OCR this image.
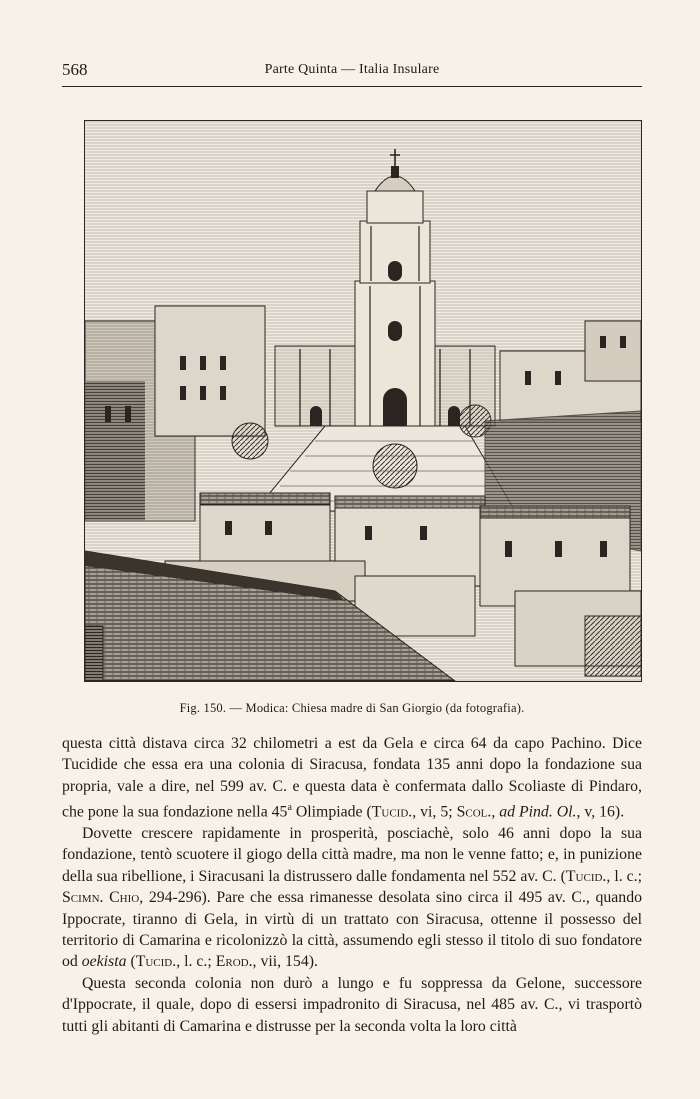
568	Parte Quinta — Italia Insulare
Fig. 150. — Modica: Chiesa madre di San Giorgio (da fotografia).

questa città distava circa 32 chilometri a est da Gela e circa 64 da capo Pachino. Dice Tucidide che essa era una colonia di Siracusa, fondata 135 anni dopo la fondazione sua propria, vale a dire, nel 599 av. C. e questa data è confermata dallo Scoliaste di Pindaro, che pone la sua fondazione nella 45$^a$ Olimpiade (Tucid., vi, 5; Scol., ad Pind. Ol., v, 16).

Dovette crescere rapidamente in prosperità, posciachè, solo 46 anni dopo la sua fondazione, tentò scuotere il giogo della città madre, ma non le venne fatto; e, in punizione della sua ribellione, i Siracusani la distrussero dalle fondamenta nel 552 av. C. (Tucid., l. c.; Scimn. Chio, 294-296). Pare che essa rimanesse desolata sino circa il 495 av. C., quando Ippocrate, tiranno di Gela, in virtù di un trattato con Siracusa, ottenne il possesso del territorio di Camarina e ricolonizzò la città, assumendo egli stesso il titolo di suo fondatore od oekista (Tucid., l. c.; Erod., vii, 154).

Questa seconda colonia non durò a lungo e fu soppressa da Gelone, successore d'Ippocrate, il quale, dopo di essersi impadronito di Siracusa, nel 485 av. C., vi trasportò tutti gli abitanti di Camarina e distrusse per la seconda volta la loro città
